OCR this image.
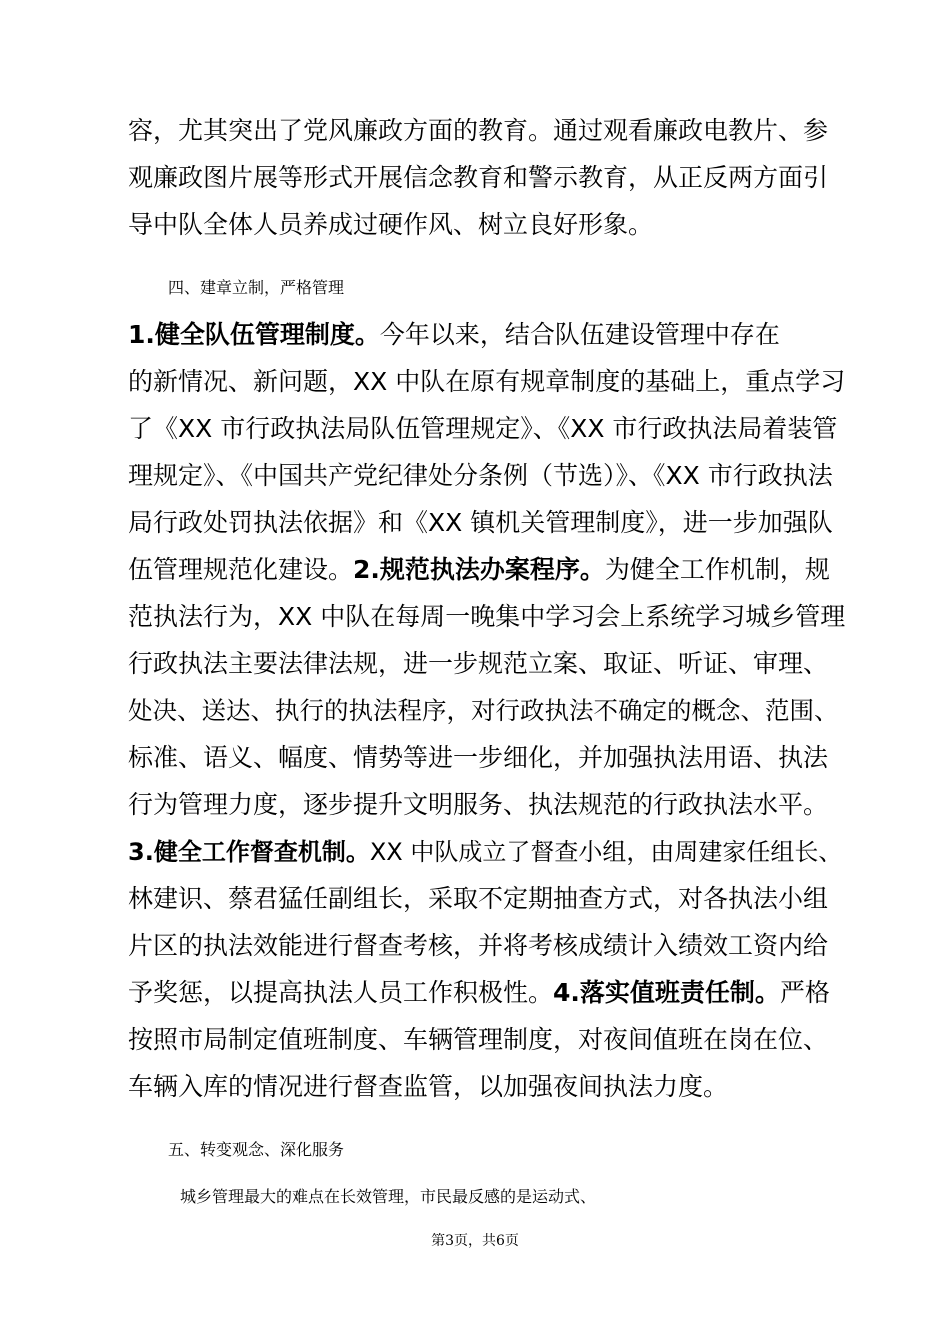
容，尤其突出了党风廉政方面的教育。通过观看廉政电教片、参
观廉政图片展等形式开展信念教育和警示教育，从正反两方面引
导中队全体人员养成过硬作风、树立良好形象。
四、建章立制，严格管理
1.健全队伍管理制度。今年以来，结合队伍建设管理中存在
的新情况、新问题，XX 中队在原有规章制度的基础上，重点学习
了《XX 市行政执法局队伍管理规定》、《XX 市行政执法局着装管
理规定》、《中国共产党纪律处分条例（节选）》、《XX 市行政执法
局行政处罚执法依据》和《XX 镇机关管理制度》，进一步加强队
伍管理规范化建设。2.规范执法办案程序。为健全工作机制，规
范执法行为，XX 中队在每周一晚集中学习会上系统学习城乡管理
行政执法主要法律法规，进一步规范立案、取证、听证、审理、
处决、送达、执行的执法程序，对行政执法不确定的概念、范围、
标准、语义、幅度、情势等进一步细化，并加强执法用语、执法
行为管理力度，逐步提升文明服务、执法规范的行政执法水平。
3.健全工作督查机制。XX 中队成立了督查小组，由周建家任组长、
林建识、蔡君猛任副组长，采取不定期抽查方式，对各执法小组
片区的执法效能进行督查考核，并将考核成绩计入绩效工资内给
予奖惩，以提高执法人员工作积极性。4.落实值班责任制。严格
按照市局制定值班制度、车辆管理制度，对夜间值班在岗在位、
车辆入库的情况进行督查监管，以加强夜间执法力度。
五、转变观念、深化服务
城乡管理最大的难点在长效管理，市民最反感的是运动式、
第3页，共6页
